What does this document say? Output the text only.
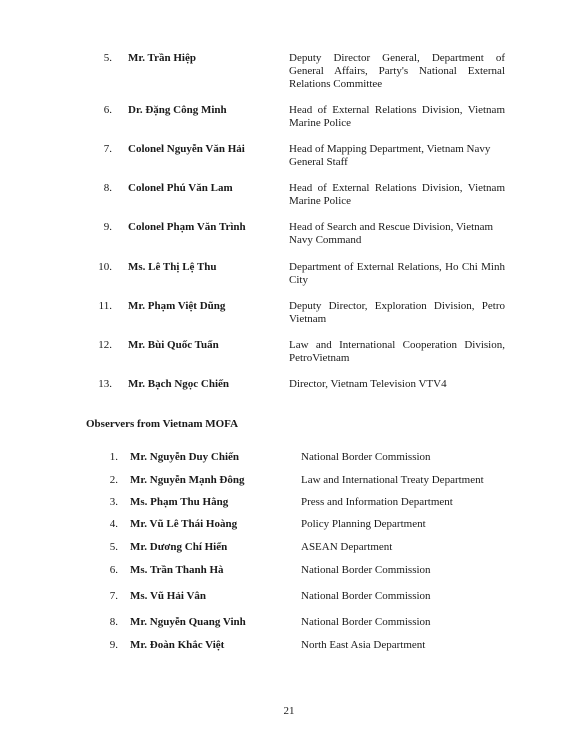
5. Mr. Trần Hiệp	Deputy Director General, Department of General Affairs, Party's National External Relations Committee
6. Dr. Đặng Công Minh	Head of External Relations Division, Vietnam Marine Police
7. Colonel Nguyễn Văn Hải	Head of Mapping Department, Vietnam Navy General Staff
8. Colonel Phú Văn Lam	Head of External Relations Division, Vietnam Marine Police
9. Colonel Phạm Văn Trình	Head of Search and Rescue Division, Vietnam Navy Command
10. Ms. Lê Thị Lệ Thu	Department of External Relations, Ho Chi Minh City
11. Mr. Phạm Việt Dũng	Deputy Director, Exploration Division, Petro Vietnam
12. Mr. Bùi Quốc Tuấn	Law and International Cooperation Division, PetroVietnam
13. Mr. Bạch Ngọc Chiến	Director, Vietnam Television VTV4
Observers from Vietnam MOFA
1. Mr. Nguyễn Duy Chiến	National Border Commission
2. Mr. Nguyễn Mạnh Đông	Law and International Treaty Department
3. Ms. Phạm Thu Hằng	Press and Information Department
4. Mr. Vũ Lê Thái Hoàng	Policy Planning Department
5. Mr. Dương Chí Hiển	ASEAN Department
6. Ms. Trần Thanh Hà	National Border Commission
7. Ms. Vũ Hải Vân	National Border Commission
8. Mr. Nguyễn Quang Vinh	National Border Commission
9. Mr. Đoàn Khắc Việt	North East Asia Department
21
